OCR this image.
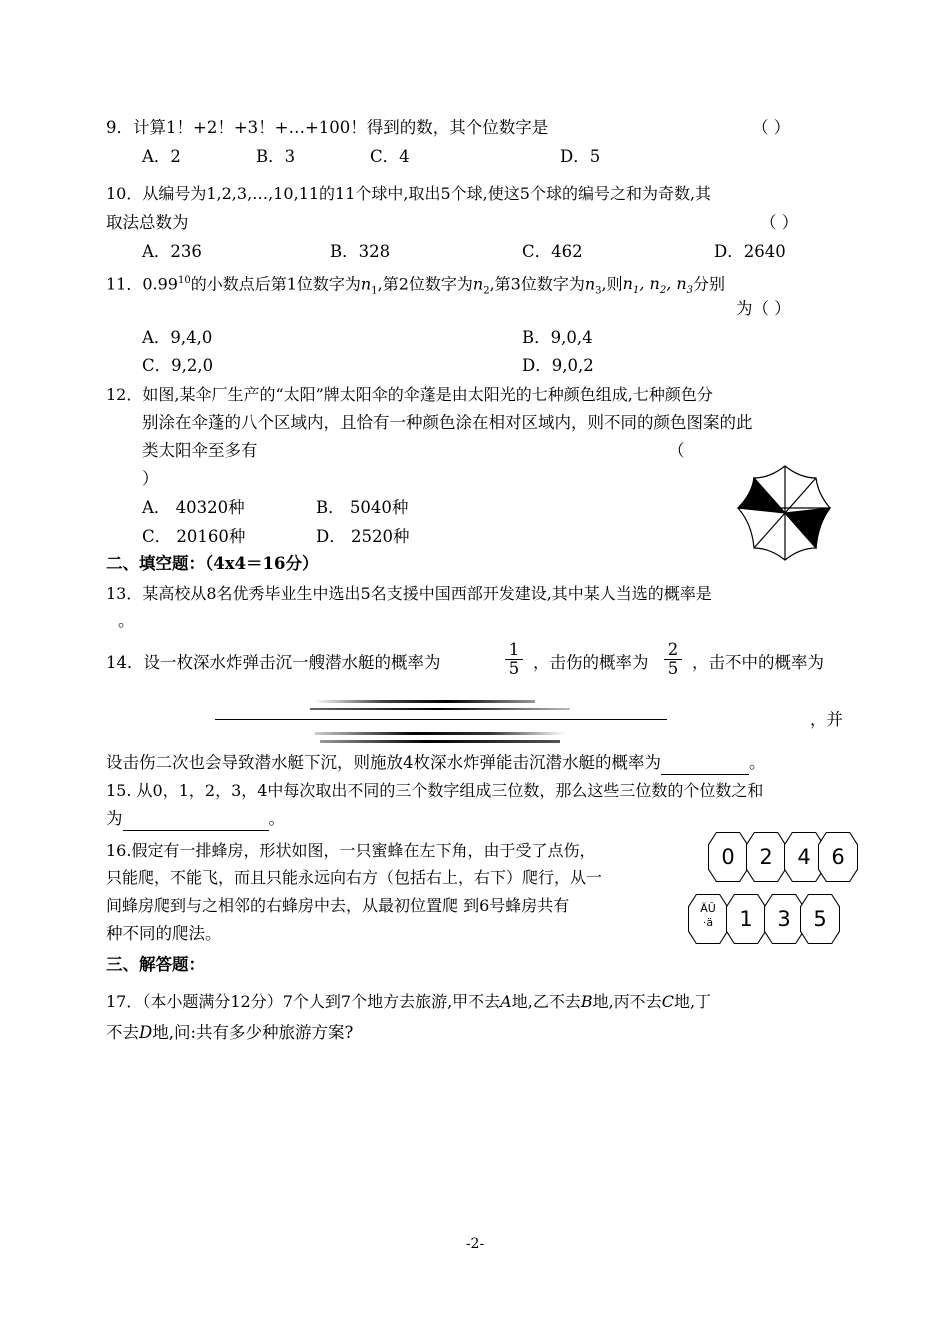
9．计算1！+2！+3！+…+100！得到的数，其个位数字是	（ ）
A．2	B．3	C．4	D．5
10．从编号为1,2,3,…,10,11的11个球中,取出5个球,使这5个球的编号之和为奇数,其
取法总数为	（ ）
A．236	B．328	C．462	D．2640
11．0.99$^{10}$的小数点后第1位数字为$n_1$,第2位数字为$n_2$,第3位数字为$n_3$,则$n_1$, $n_2$, $n_3$分别
为（ ）
A．9,4,0	B．9,0,4
C．9,2,0	D．9,0,2
12．如图,某伞厂生产的“太阳”牌太阳伞的伞蓬是由太阳光的七种颜色组成,七种颜色分
别涂在伞蓬的八个区域内，且恰有一种颜色涂在相对区域内，则不同的颜色图案的此
类太阳伞至多有	（
）
A． 40320种	B． 5040种
C． 20160种	D． 2520种
二、填空题：（4x4＝16分）
13．某高校从8名优秀毕业生中选出5名支援中国西部开发建设,其中某人当选的概率是
。
14．设一枚深水炸弹击沉一艘潜水艇的概率为	$\frac{1}{5}$ ，击伤的概率为 $\frac{2}{5}$ ，击不中的概率为
，并
设击伤二次也会导致潜水艇下沉，则施放4枚深水炸弹能击沉潜水艇的概率为	。
15. 从0，1，2，3，4中每次取出不同的三个数字组成三位数，那么这些三位数的个位数之和
为	。
16.假定有一排蜂房，形状如图，一只蜜蜂在左下角，由于受了点伤，
只能爬，不能飞，而且只能永远向右方（包括右上，右下）爬行，从一
间蜂房爬到与之相邻的右蜂房中去，从最初位置爬 到6号蜂房共有
种不同的爬法。
0	2	4 6
ÄÛ
·ä	1	3	5
三、解答题：
17．（本小题满分12分）7个人到7个地方去旅游,甲不去A地,乙不去B地,丙不去C地,丁
不去D地,问:共有多少种旅游方案?
-2-
